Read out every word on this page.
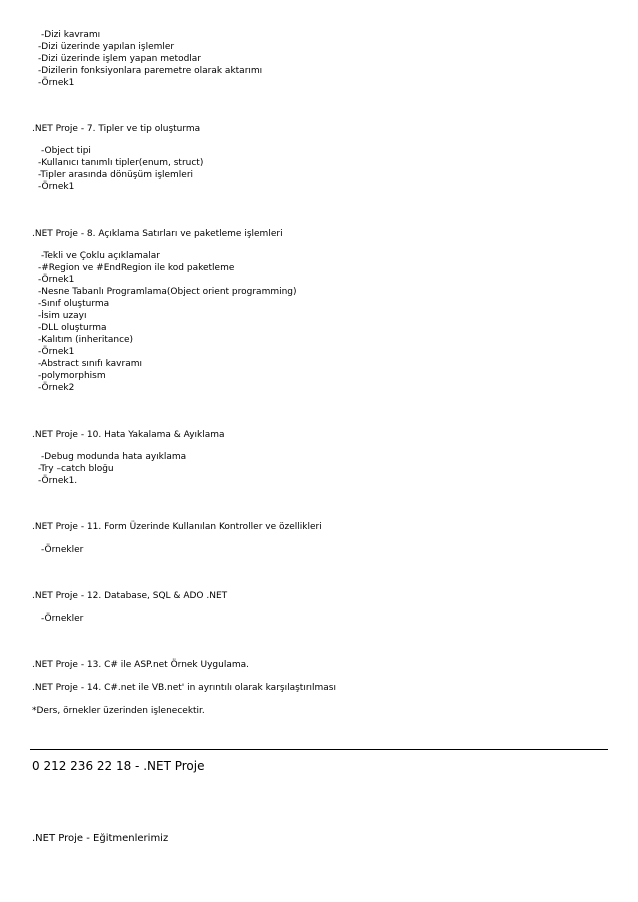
-Dizi kavramı
-Dizi üzerinde yapılan işlemler
-Dizi üzerinde işlem yapan metodlar
-Dizilerin fonksiyonlara paremetre olarak aktarımı
-Örnek1
.NET Proje - 7. Tipler ve tip oluşturma
-Object tipi
-Kullanıcı tanımlı tipler(enum, struct)
-Tipler arasında dönüşüm işlemleri
-Örnek1
.NET Proje - 8. Açıklama Satırları ve paketleme işlemleri
-Tekli ve Çoklu açıklamalar
-#Region ve #EndRegion ile kod paketleme
-Örnek1
-Nesne Tabanlı Programlama(Object orient programming)
-Sınıf oluşturma
-İsim uzayı
-DLL oluşturma
-Kalıtım (inheritance)
-Örnek1
-Abstract sınıfı kavramı
-polymorphism
-Örnek2
.NET Proje - 10. Hata Yakalama & Ayıklama
-Debug modunda hata ayıklama
-Try –catch bloğu
-Örnek1.
.NET Proje - 11. Form Üzerinde Kullanılan Kontroller ve özellikleri
-Örnekler
.NET Proje - 12. Database, SQL & ADO .NET
-Örnekler
.NET Proje - 13. C# ile ASP.net Örnek Uygulama.
.NET Proje - 14. C#.net ile VB.net' in ayrıntılı olarak karşılaştırılması
*Ders, örnekler üzerinden işlenecektir.
0 212 236 22 18 - .NET Proje
.NET Proje - Eğitmenlerimiz
